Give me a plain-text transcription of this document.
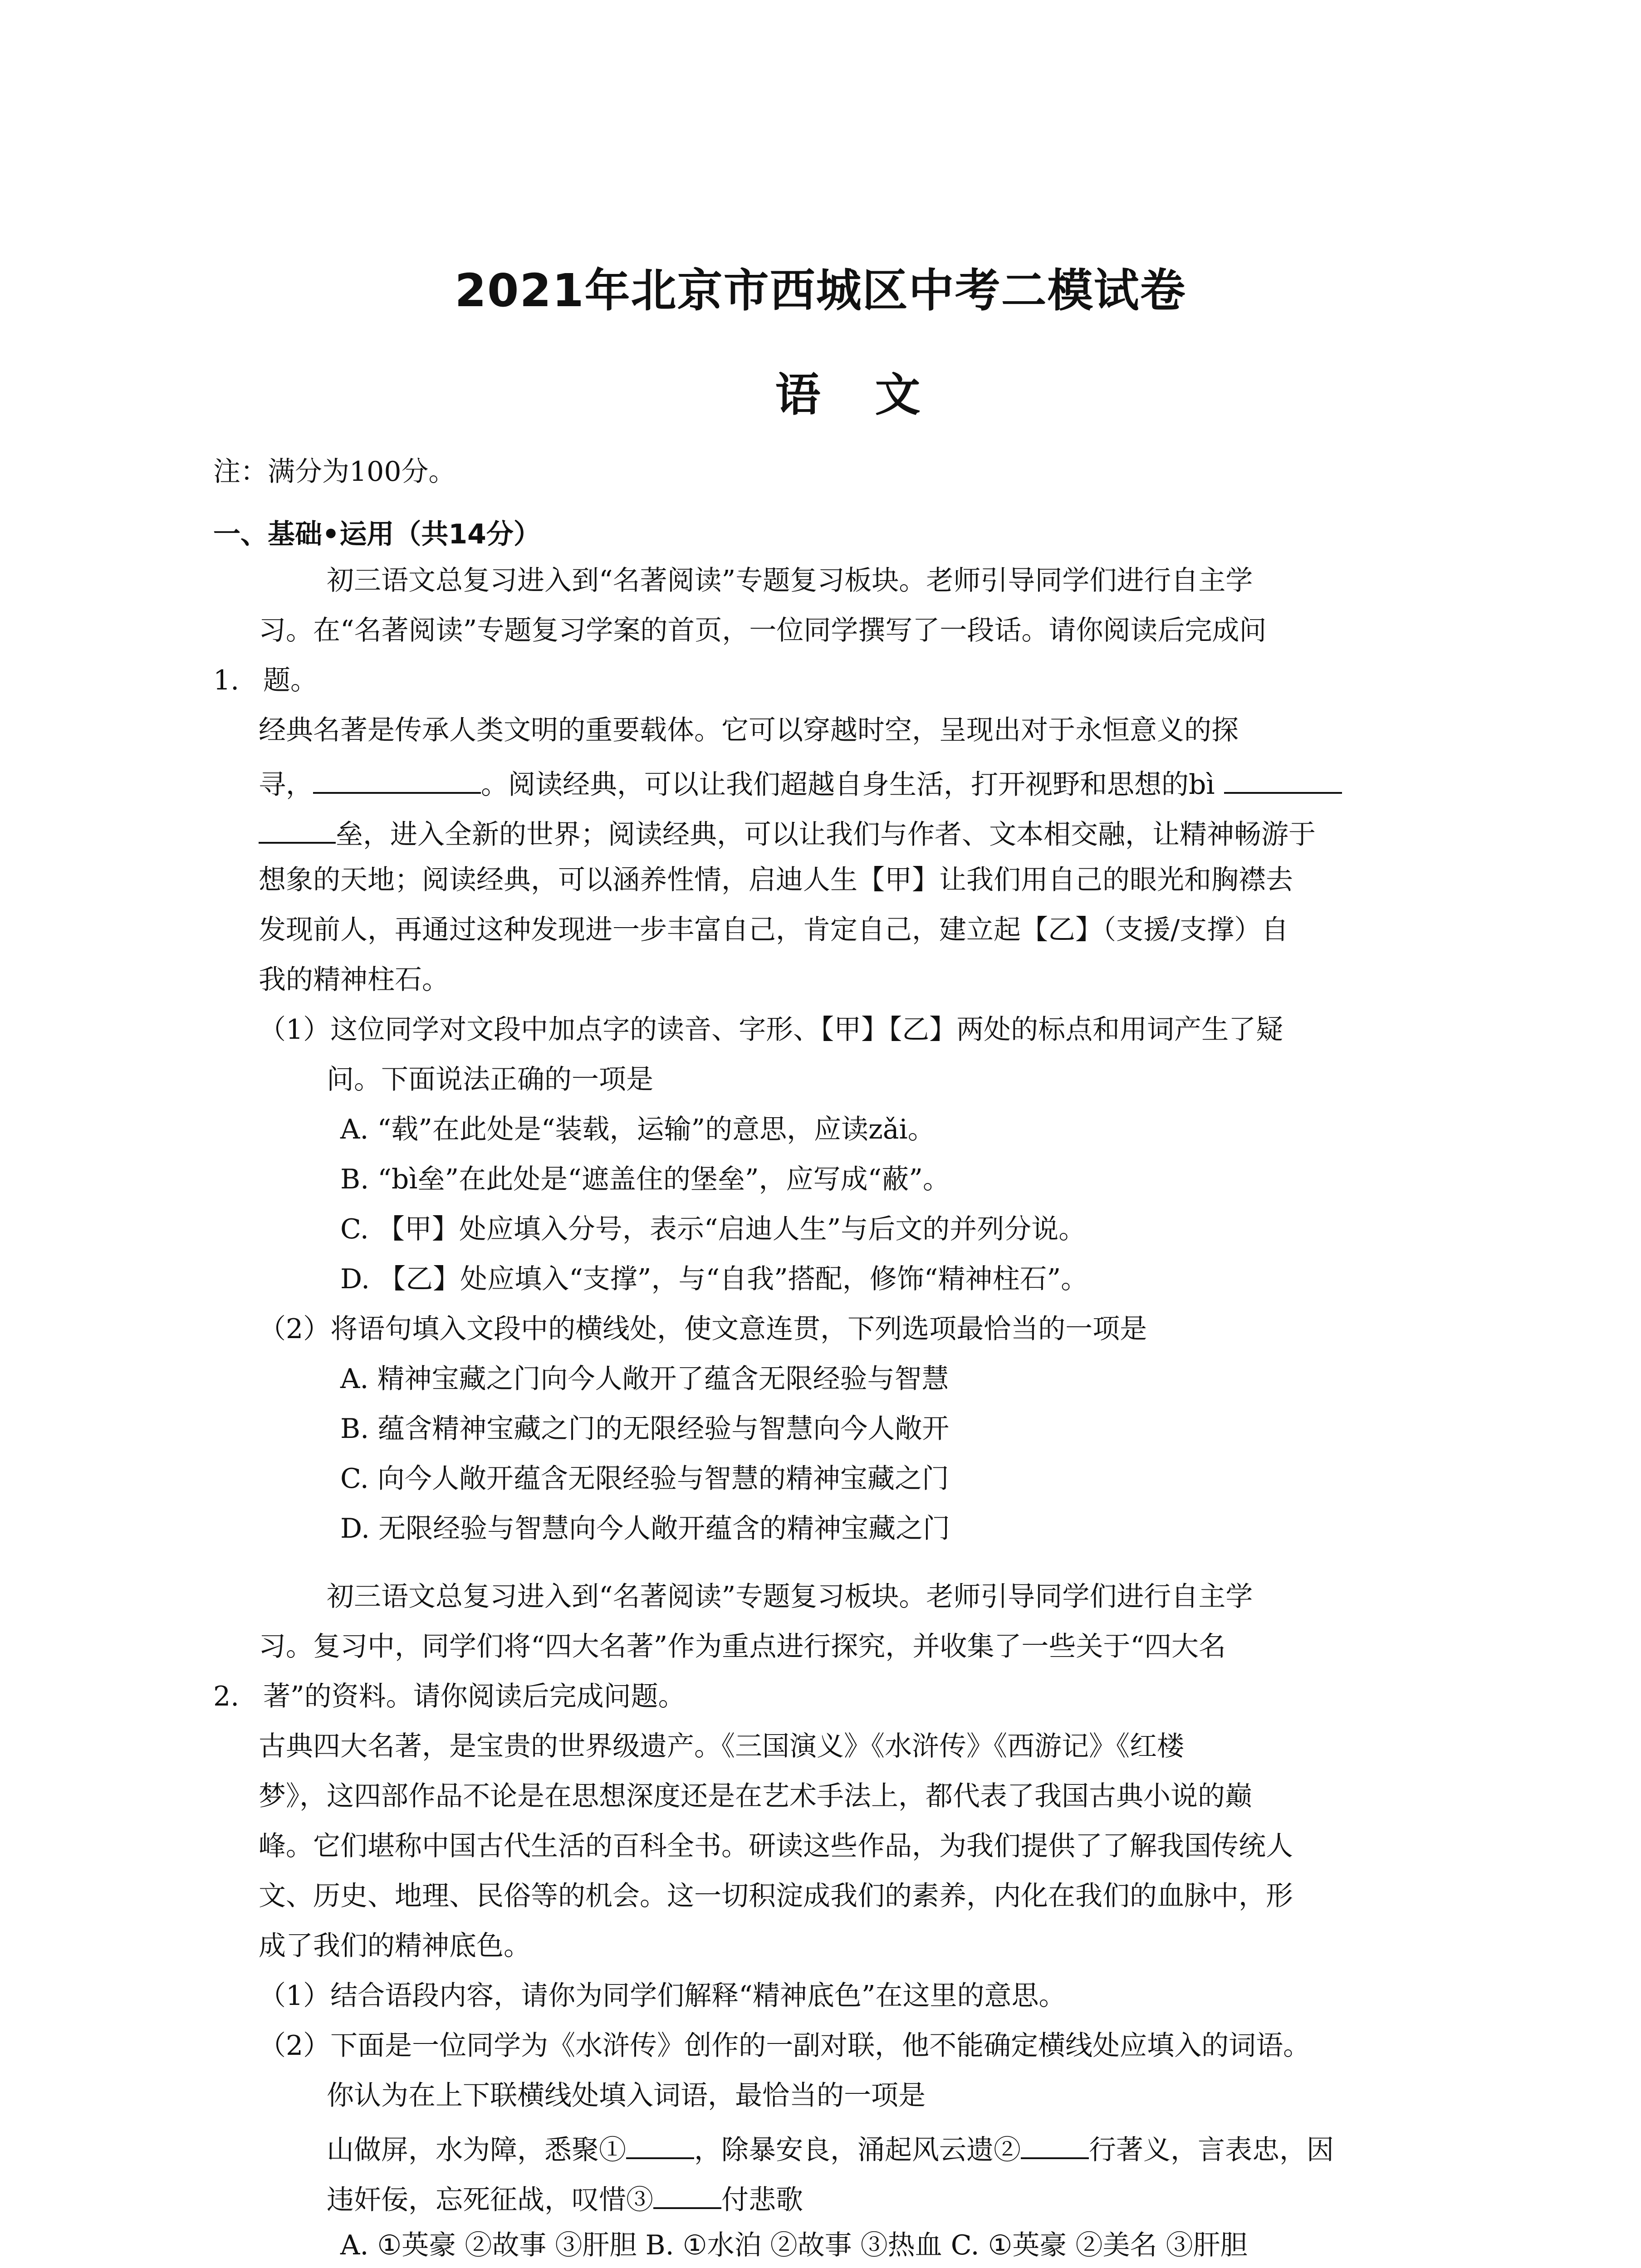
2021年北京市西城区中考二模试卷
语文
注：满分为100分。
一、基础•运用（共14分）
初三语文总复习进入到“名著阅读”专题复习板块。老师引导同学们进行自主学
习。在“名著阅读”专题复习学案的首页，一位同学撰写了一段话。请你阅读后完成问
1. 题。
经典名著是传承人类文明的重要载体。它可以穿越时空，呈现出对于永恒意义的探
寻，	。阅读经典，可以让我们超越自身生活，打开视野和思想的bì
垒，进入全新的世界；阅读经典，可以让我们与作者、文本相交融，让精神畅游于
想象的天地；阅读经典，可以涵养性情，启迪人生【甲】让我们用自己的眼光和胸襟去
发现前人，再通过这种发现进一步丰富自己，肯定自己，建立起【乙】（支援/支撑）自
我的精神柱石。
（1）这位同学对文段中加点字的读音、字形、【甲】【乙】两处的标点和用词产生了疑
问。下面说法正确的一项是
A. “载”在此处是“装载，运输”的意思，应读zǎi。
B. “bì垒”在此处是“遮盖住的堡垒”，应写成“蔽”。
C. 【甲】处应填入分号，表示“启迪人生”与后文的并列分说。
D. 【乙】处应填入“支撑”，与“自我”搭配，修饰“精神柱石”。
（2）将语句填入文段中的横线处，使文意连贯，下列选项最恰当的一项是
A. 精神宝藏之门向今人敞开了蕴含无限经验与智慧
B. 蕴含精神宝藏之门的无限经验与智慧向今人敞开
C. 向今人敞开蕴含无限经验与智慧的精神宝藏之门
D. 无限经验与智慧向今人敞开蕴含的精神宝藏之门
初三语文总复习进入到“名著阅读”专题复习板块。老师引导同学们进行自主学
习。复习中，同学们将“四大名著”作为重点进行探究，并收集了一些关于“四大名
2. 著”的资料。请你阅读后完成问题。
古典四大名著，是宝贵的世界级遗产。《三国演义》《水浒传》《西游记》《红楼
梦》，这四部作品不论是在思想深度还是在艺术手法上，都代表了我国古典小说的巅
峰。它们堪称中国古代生活的百科全书。研读这些作品，为我们提供了了解我国传统人
文、历史、地理、民俗等的机会。这一切积淀成我们的素养，内化在我们的血脉中，形
成了我们的精神底色。
（1）结合语段内容，请你为同学们解释“精神底色”在这里的意思。
（2）下面是一位同学为《水浒传》创作的一副对联，他不能确定横线处应填入的词语。
你认为在上下联横线处填入词语，最恰当的一项是
山做屏，水为障，悉聚①	，除暴安良，涌起风云遗②	行著义，言表忠，因
违奸佞，忘死征战，叹惜③	付悲歌
A. ①英豪 ②故事 ③肝胆 B. ①水泊 ②故事 ③热血 C. ①英豪 ②美名 ③肝胆
